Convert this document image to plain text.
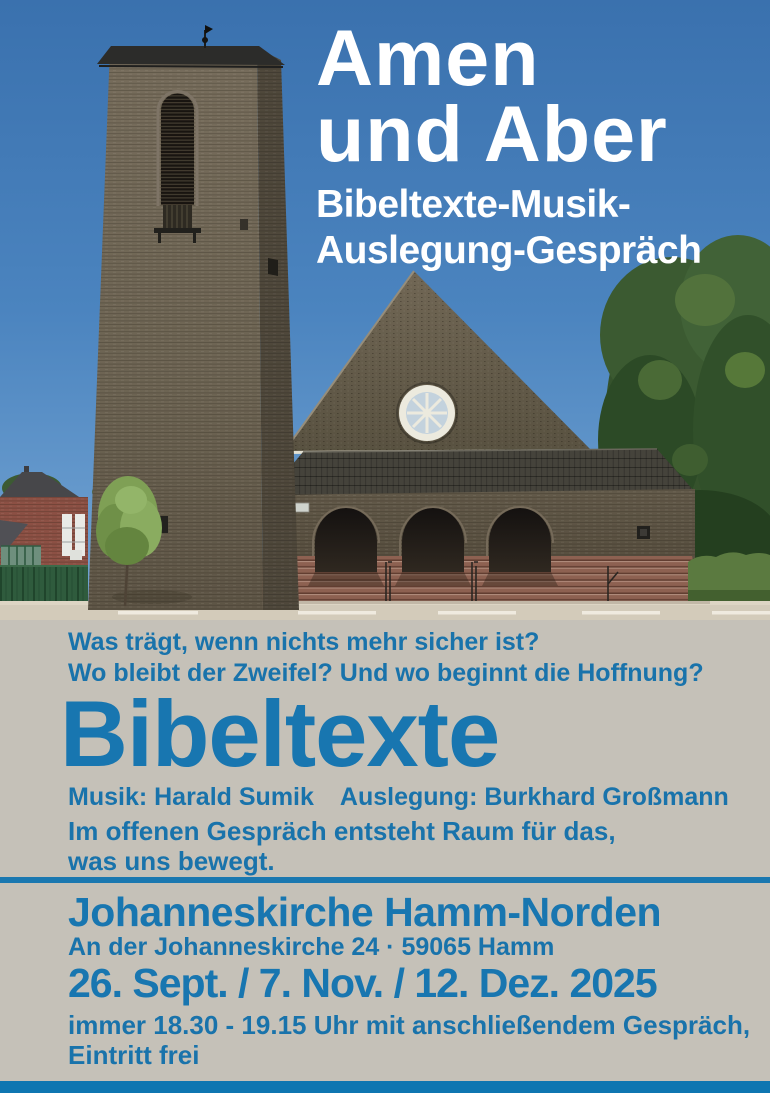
Amen
und Aber
Bibeltexte-Musik-
Auslegung-Gespräch
Was trägt, wenn nichts mehr sicher ist?
Wo bleibt der Zweifel? Und wo beginnt die Hoffnung?
Bibeltexte
Musik: Harald Sumik Auslegung: Burkhard Großmann
Im offenen Gespräch entsteht Raum für das,
was uns bewegt.
Johanneskirche Hamm-Norden
An der Johanneskirche 24 · 59065 Hamm
26. Sept. / 7. Nov. / 12. Dez. 2025
immer 18.30 - 19.15 Uhr mit anschließendem Gespräch,
Eintritt frei
